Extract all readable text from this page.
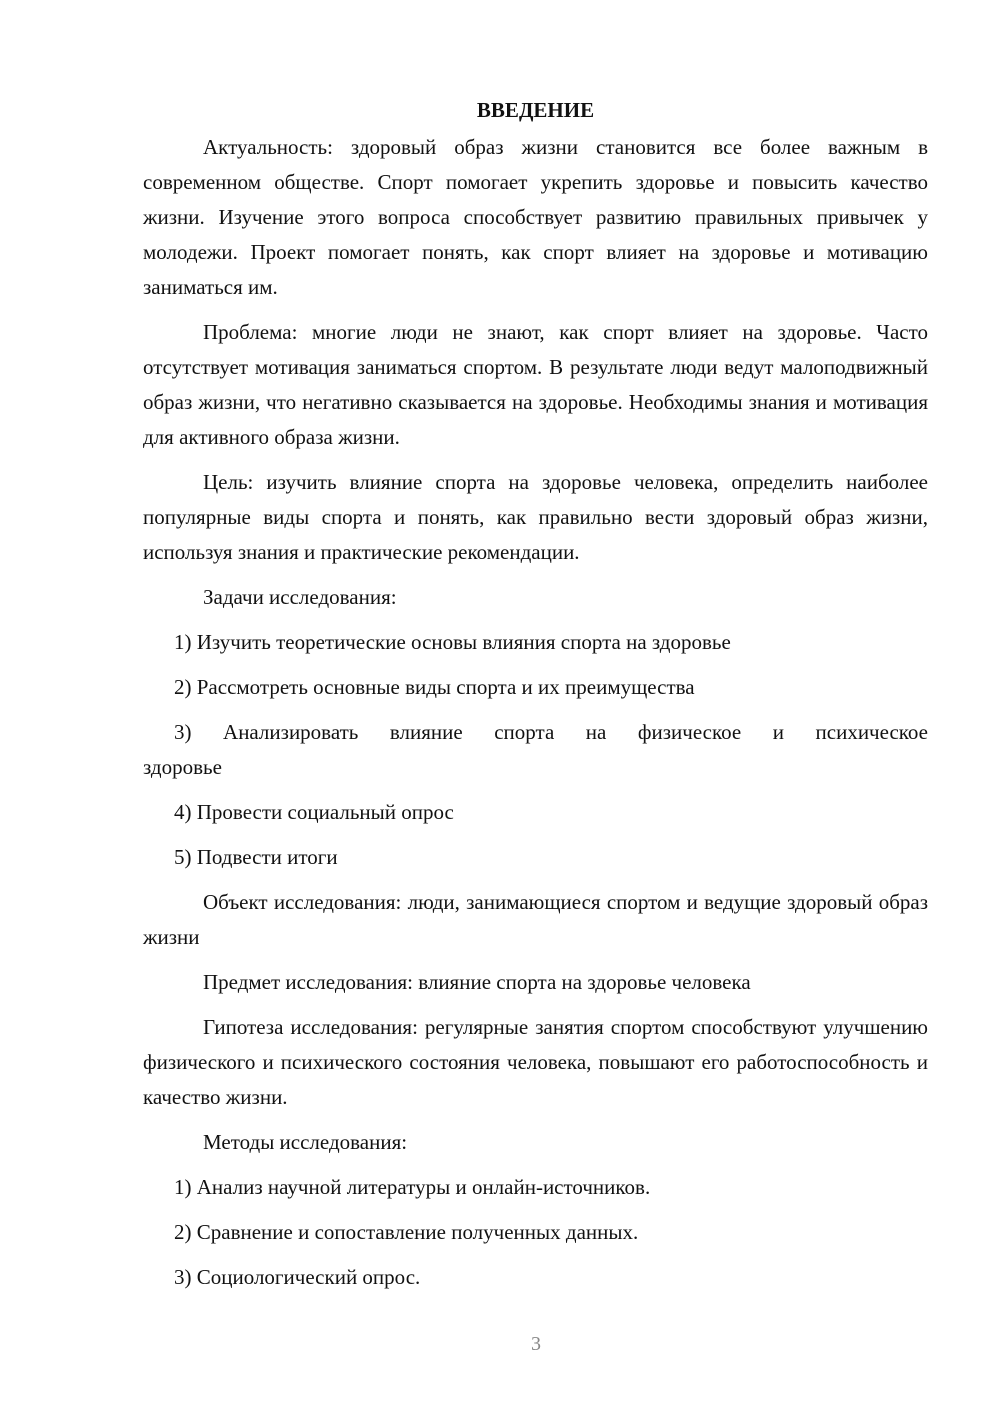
ВВЕДЕНИЕ

Актуальность: здоровый образ жизни становится все более важным в современном обществе. Спорт помогает укрепить здоровье и повысить качество жизни. Изучение этого вопроса способствует развитию правильных привычек у молодежи. Проект помогает понять, как спорт влияет на здоровье и мотивацию заниматься им.

Проблема: многие люди не знают, как спорт влияет на здоровье. Часто отсутствует мотивация заниматься спортом. В результате люди ведут малоподвижный образ жизни, что негативно сказывается на здоровье. Необходимы знания и мотивация для активного образа жизни.

Цель: изучить влияние спорта на здоровье человека, определить наиболее популярные виды спорта и понять, как правильно вести здоровый образ жизни, используя знания и практические рекомендации.

Задачи исследования:

1) Изучить теоретические основы влияния спорта на здоровье

2) Рассмотреть основные виды спорта и их преимущества

3) Анализировать влияние спорта на физическое и психическое здоровье

4) Провести социальный опрос

5) Подвести итоги

Объект исследования: люди, занимающиеся спортом и ведущие здоровый образ жизни

Предмет исследования: влияние спорта на здоровье человека

Гипотеза исследования: регулярные занятия спортом способствуют улучшению физического и психического состояния человека, повышают его работоспособность и качество жизни.

Методы исследования:

1) Анализ научной литературы и онлайн-источников.

2) Сравнение и сопоставление полученных данных.

3) Социологический опрос.

3
